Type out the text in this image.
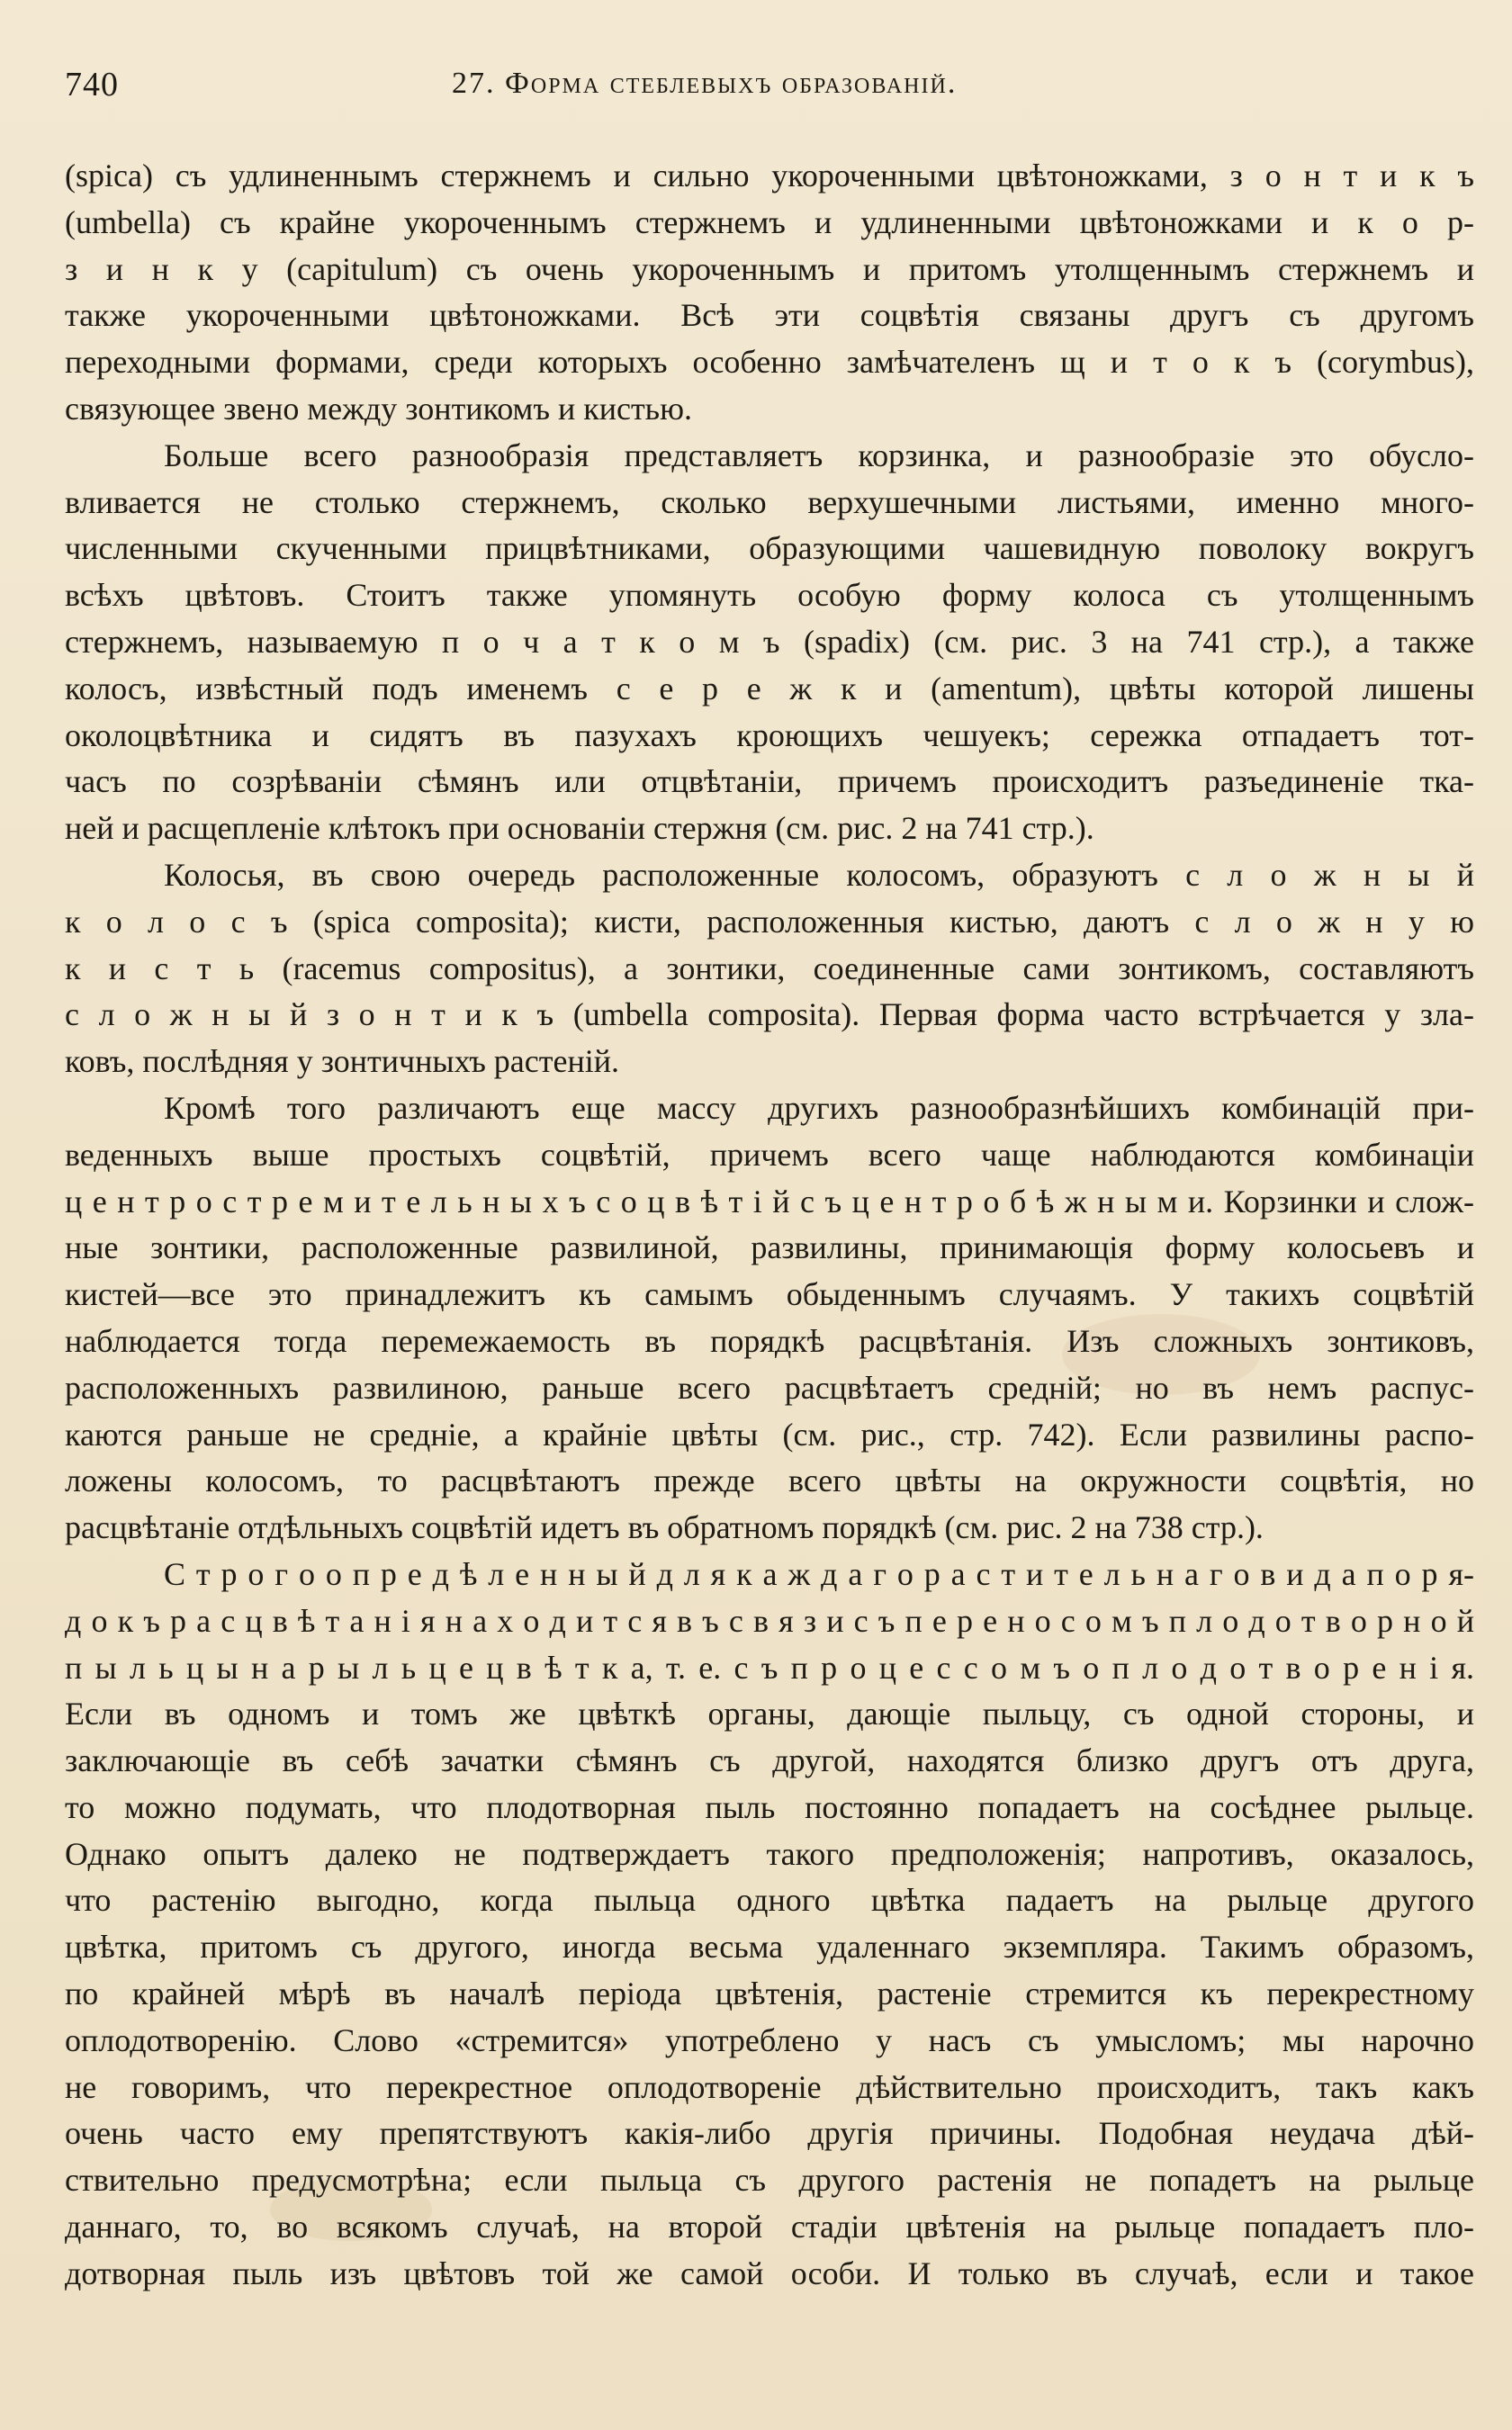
740	27. Форма стеблевыхъ образованій.
(spica) съ удлиненнымъ стержнемъ и сильно укороченными цвѣтоножками, з о н т и к ъ
(umbella) съ крайне укороченнымъ стержнемъ и удлиненными цвѣтоножками и к о р-
з и н к у (capitulum) съ очень укороченнымъ и притомъ утолщеннымъ стержнемъ и
также укороченными цвѣтоножками. Всѣ эти соцвѣтія связаны другъ съ другомъ
переходными формами, среди которыхъ особенно замѣчателенъ щ и т о к ъ (corymbus),
связующее звено между зонтикомъ и кистью.
Больше всего разнообразія представляетъ корзинка, и разнообразіе это обусло-
вливается не столько стержнемъ, сколько верхушечными листьями, именно много-
численными скученными прицвѣтниками, образующими чашевидную поволоку вокругъ
всѣхъ цвѣтовъ. Стоитъ также упомянуть особую форму колоса съ утолщеннымъ
стержнемъ, называемую п о ч а т к о м ъ (spadix) (см. рис. 3 на 741 стр.), а также
колосъ, извѣстный подъ именемъ с е р е ж к и (amentum), цвѣты которой лишены
околоцвѣтника и сидятъ въ пазухахъ кроющихъ чешуекъ; сережка отпадаетъ тот-
часъ по созрѣваніи сѣмянъ или отцвѣтаніи, причемъ происходитъ разъединеніе тка-
ней и расщепленіе клѣтокъ при основаніи стержня (см. рис. 2 на 741 стр.).
Колосья, въ свою очередь расположенные колосомъ, образуютъ с л о ж н ы й
к о л о с ъ (spica composita); кисти, расположенныя кистью, даютъ с л о ж н у ю
к и с т ь (racemus compositus), а зонтики, соединенные сами зонтикомъ, составляютъ
с л о ж н ы й з о н т и к ъ (umbella composita). Первая форма часто встрѣчается у зла-
ковъ, послѣдняя у зонтичныхъ растеній.
Кромѣ того различаютъ еще массу другихъ разнообразнѣйшихъ комбинацій при-
веденныхъ выше простыхъ соцвѣтій, причемъ всего чаще наблюдаются комбинаціи
ц е н т р о с т р е м и т е л ь н ы х ъ с о ц в ѣ т і й с ъ ц е н т р о б ѣ ж н ы м и. Корзинки и слож-
ные зонтики, расположенные развилиной, развилины, принимающія форму колосьевъ и
кистей—все это принадлежитъ къ самымъ обыденнымъ случаямъ. У такихъ соцвѣтій
наблюдается тогда перемежаемость въ порядкѣ расцвѣтанія. Изъ сложныхъ зонтиковъ,
расположенныхъ развилиною, раньше всего расцвѣтаетъ средній; но въ немъ распус-
каются раньше не средніе, а крайніе цвѣты (см. рис., стр. 742). Если развилины распо-
ложены колосомъ, то расцвѣтаютъ прежде всего цвѣты на окружности соцвѣтія, но
расцвѣтаніе отдѣльныхъ соцвѣтій идетъ въ обратномъ порядкѣ (см. рис. 2 на 738 стр.).
С т р о г о о п р е д ѣ л е н н ы й д л я к а ж д а г о р а с т и т е л ь н а г о в и д а п о р я-
д о к ъ р а с ц в ѣ т а н і я н а х о д и т с я в ъ с в я з и с ъ п е р е н о с о м ъ п л о д о т в о р н о й
п ы л ь ц ы н а р ы л ь ц е ц в ѣ т к а, т. е. с ъ п р о ц е с с о м ъ о п л о д о т в о р е н і я.
Если въ одномъ и томъ же цвѣткѣ органы, дающіе пыльцу, съ одной стороны, и
заключающіе въ себѣ зачатки сѣмянъ съ другой, находятся близко другъ отъ друга,
то можно подумать, что плодотворная пыль постоянно попадаетъ на сосѣднее рыльце.
Однако опытъ далеко не подтверждаетъ такого предположенія; напротивъ, оказалось,
что растенію выгодно, когда пыльца одного цвѣтка падаетъ на рыльце другого
цвѣтка, притомъ съ другого, иногда весьма удаленнаго экземпляра. Такимъ образомъ,
по крайней мѣрѣ въ началѣ періода цвѣтенія, растеніе стремится къ перекрестному
оплодотворенію. Слово «стремится» употреблено у насъ съ умысломъ; мы нарочно
не говоримъ, что перекрестное оплодотвореніе дѣйствительно происходитъ, такъ какъ
очень часто ему препятствуютъ какія-либо другія причины. Подобная неудача дѣй-
ствительно предусмотрѣна; если пыльца съ другого растенія не попадетъ на рыльце
даннаго, то, во всякомъ случаѣ, на второй стадіи цвѣтенія на рыльце попадаетъ пло-
дотворная пыль изъ цвѣтовъ той же самой особи. И только въ случаѣ, если и такое
